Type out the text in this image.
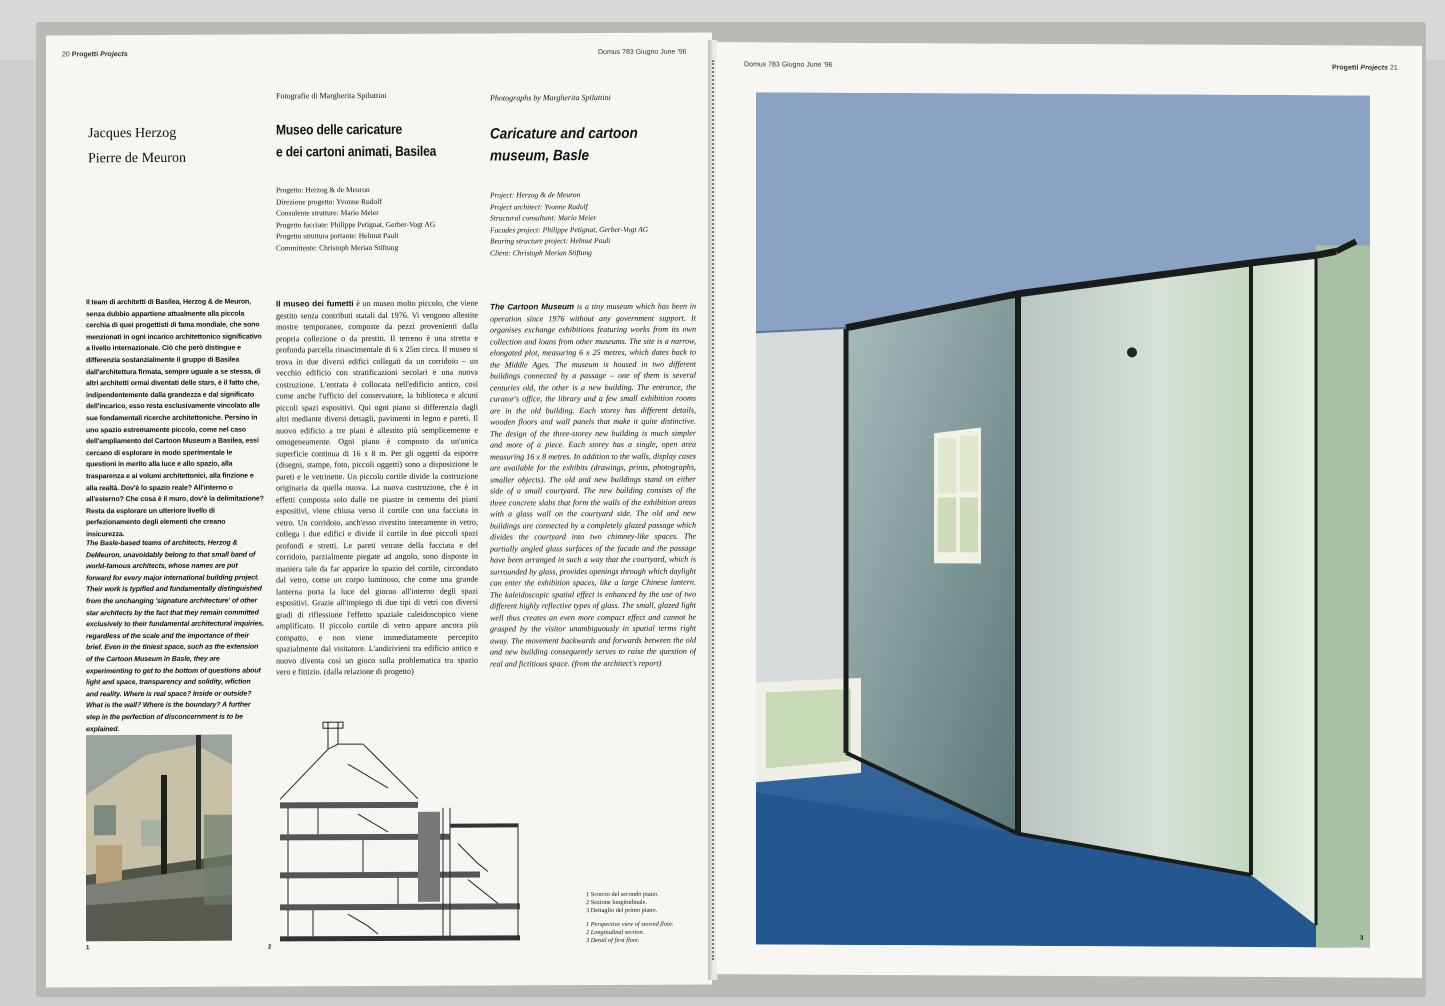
20 Progetti Projects	Domus 783 Giugno June '96
Fotografie di Margherita Spiluttini	Photographs by Margherita Spiluttini
Jacques Herzog
Pierre de Meuron
Museo delle caricature
e dei cartoni animati, Basilea
Caricature and cartoon
museum, Basle
Progetto: Herzog & de Meuron
Direzione progetto: Yvonne Rudolf
Consulente strutture: Mario Meier
Progetto facciate: Philippe Petignat, Gerber-Vogt AG
Progetto struttura portante: Helmut Pauli
Committente: Christoph Merian Stiftung
Project: Herzog & de Meuron
Project architect: Yvonne Rudolf
Structural consultant: Mario Meier
Facades project: Philippe Petignat, Gerber-Vogt AG
Bearing structure project: Helmut Pauli
Client: Christoph Merian Stiftung
Il team di architetti di Basilea, Herzog & de Meuron, senza dubbio appartiene attualmente alla piccola cerchia di quei progettisti di fama mondiale, che sono menzionati in ogni incarico architettonico significativo a livello internazionale. Ciò che però distingue e differenzia sostanzialmente il gruppo di Basilea dall'architettura firmata, sempre uguale a se stessa, di altri architetti ormai diventati delle stars, è il fatto che, indipendentemente dalla grandezza e dal significato dell'incarico, esso resta esclusivamente vincolato alle sue fondamentali ricerche architettoniche. Persino in uno spazio estremamente piccolo, come nel caso dell'ampliamento del Cartoon Museum a Basilea, essi cercano di esplorare in modo sperimentale le questioni in merito alla luce e allo spazio, alla trasparenza e ai volumi architettonici, alla finzione e alla realtà. Dov'è lo spazio reale? All'interno o all'esterno? Che cosa è il muro, dov'è la delimitazione? Resta da esplorare un ulteriore livello di perfezionamento degli elementi che creano insicurezza.
The Basle-based teams of architects, Herzog & DeMeuron, unavoidably belong to that small band of world-famous architects, whose names are put forward for every major international building project. Their work is typified and fundamentally distinguished from the unchanging 'signature architecture' of other star architects by the fact that they remain committed exclusively to their fundamental architectural inquiries, regardless of the scale and the importance of their brief. Even in the tiniest space, such as the extension of the Cartoon Museum in Basle, they are experimenting to get to the bottom of questions about light and space, transparency and solidity, wfiction and reality. Where is real space? Inside or outside? What is the wall? Where is the boundary? A further step in the perfection of disconcernment is to be explained.
Il museo dei fumetti è un museo molto piccolo, che viene gestito senza contributi statali dal 1976. Vi vengono allestite mostre temporanee, composte da pezzi provenienti dalla propria collezione o da prestiti. Il terreno è una stretta e profonda parcella rinascimentale di 6 x 25m circa. Il museo si trova in due diversi edifici collegati da un corridoio – un vecchio edificio con stratificazioni secolari e una nuova costruzione. L'entrata è collocata nell'edificio antico, così come anche l'ufficio del conservatore, la biblioteca e alcuni piccoli spazi espositivi. Qui ogni piano si differenzia dagli altri mediante diversi dettagli, pavimenti in legno e pareti. Il nuovo edificio a tre piani è allestito più semplicemente e omogeneamente. Ogni piano è composto da un'unica superficie continua di 16 x 8 m. Per gli oggetti da esporre (disegni, stampe, foto, piccoli oggetti) sono a disposizione le pareti e le vetrinette. Un piccolo cortile divide la costruzione originaria da quella nuova. La nuova costruzione, che è in effetti composta solo dalle tre piastre in cemento dei piani espositivi, viene chiusa verso il cortile con una facciata in vetro. Un corridoio, anch'esso rivestito interamente in vetro, collega i due edifici e divide il cortile in due piccoli spazi profondi e stretti. Le pareti vetrate della facciata e del corridoio, parzialmente piegate ad angolo, sono disposte in maniera tale da far apparire lo spazio del cortile, circondato dal vetro, come un corpo luminoso, che come una grande lanterna porta la luce del giorno all'interno degli spazi espositivi. Grazie all'impiego di due tipi di vetri con diversi gradi di riflessione l'effetto spaziale caleidoscopico viene amplificato. Il piccolo cortile di vetro appare ancora più compatto, e non viene immediatamente percepito spazialmente dal visitatore. L'andirivieni tra edificio antico e nuovo diventa così un gioco sulla problematica tra spazio vero e fittizio. (dalla relazione di progetto)
The Cartoon Museum is a tiny museum which has been in operation since 1976 without any government support. It organises exchange exhibitions featuring works from its own collection and loans from other museums. The site is a narrow, elongated plot, measuring 6 x 25 metres, which dates back to the Middle Ages. The museum is housed in two different buildings connected by a passage – one of them is several centuries old, the other is a new building. The entrance, the curator's office, the library and a few small exhibition rooms are in the old building. Each storey has different details, wooden floors and wall panels that make it quite distinctive. The design of the three-storey new building is much simpler and more of a piece. Each storey has a single, open area measuring 16 x 8 metres. In addition to the walls, display cases are available for the exhibits (drawings, prints, photographs, smaller objects). The old and new buildings stand on either side of a small courtyard. The new building consists of the three concrete slabs that form the walls of the exhibition areas with a glass wall on the courtyard side. The old and new buildings are connected by a completely glazed passage which divides the courtyard into two chimney-like spaces. The partially angled glass surfaces of the facade and the passage have been arranged in such a way that the courtyard, which is surrounded by glass, provides openings through which daylight can enter the exhibition spaces, like a large Chinese lantern. The kaleidoscopic spatial effect is enhanced by the use of two different highly reflective types of glass. The small, glazed light well thus creates an even more compact effect and cannot be grasped by the visitor unambiguously in spatial terms right away. The movement backwards and forwards between the old and new building consequently serves to raise the question of real and fictitious space. (from the architect's report)
1	2
1 Scorcio del secondo piano.
2 Sezione longitudinale.
3 Dettaglio del primo piano.
1 Perspective view of second floor.
2 Longitudinal section.
3 Detail of first floor.
Domus 783 Giugno June '96	Progetti Projects 21
3
